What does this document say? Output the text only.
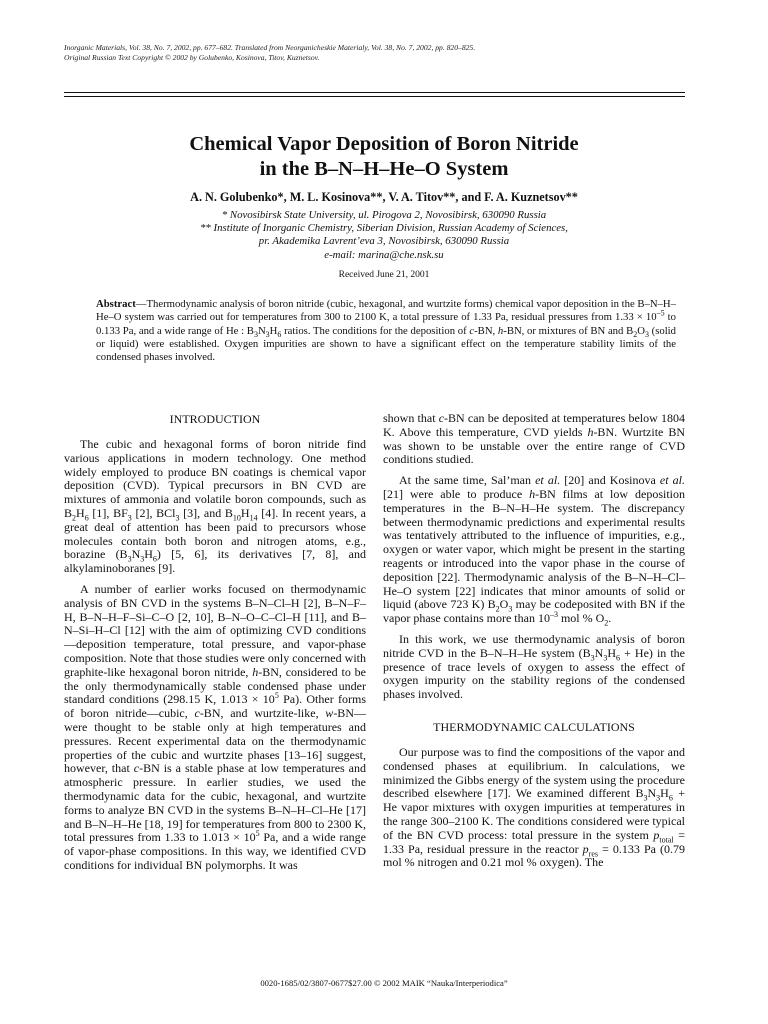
Inorganic Materials, Vol. 38, No. 7, 2002, pp. 677–682. Translated from Neorganicheskie Materialy, Vol. 38, No. 7, 2002, pp. 820–825.
Original Russian Text Copyright © 2002 by Golubenko, Kosinova, Titov, Kuznetsov.
Chemical Vapor Deposition of Boron Nitride
in the B–N–H–He–O System
A. N. Golubenko*, M. L. Kosinova**, V. A. Titov**, and F. A. Kuznetsov**
* Novosibirsk State University, ul. Pirogova 2, Novosibirsk, 630090 Russia
** Institute of Inorganic Chemistry, Siberian Division, Russian Academy of Sciences,
pr. Akademika Lavrent’eva 3, Novosibirsk, 630090 Russia
e-mail: marina@che.nsk.su
Received June 21, 2001
Abstract—Thermodynamic analysis of boron nitride (cubic, hexagonal, and wurtzite forms) chemical vapor deposition in the B–N–H–He–O system was carried out for temperatures from 300 to 2100 K, a total pressure of 1.33 Pa, residual pressures from $1.33 \times 10^{-5}$ to 0.133 Pa, and a wide range of He : $B_3N_3H_6$ ratios. The conditions for the deposition of c-BN, h-BN, or mixtures of BN and $B_2O_3$ (solid or liquid) were established. Oxygen impurities are shown to have a significant effect on the temperature stability limits of the condensed phases involved.
INTRODUCTION

The cubic and hexagonal forms of boron nitride find various applications in modern technology. One method widely employed to produce BN coatings is chemical vapor deposition (CVD). Typical precursors in BN CVD are mixtures of ammonia and volatile boron compounds, such as $B_2H_6$ [1], $BF_3$ [2], BCl$_3$ [3], and $B_{10}H_{14}$ [4]. In recent years, a great deal of attention has been paid to precursors whose molecules contain both boron and nitrogen atoms, e.g., borazine $(B_3N_3H_6)$ [5, 6], its derivatives [7, 8], and alkylaminoboranes [9].

A number of earlier works focused on thermodynamic analysis of BN CVD in the systems B–N–Cl–H [2], B–N–F–H, B–N–H–F–Si–C–O [2, 10], B–N–O–C–Cl–H [11], and B–N–Si–H–Cl [12] with the aim of optimizing CVD conditions—deposition temperature, total pressure, and vapor-phase composition. Note that those studies were only concerned with graphite-like hexagonal boron nitride, h-BN, considered to be the only thermodynamically stable condensed phase under standard conditions (298.15 K, $1.013 \times 10^5$ Pa). Other forms of boron nitride—cubic, c-BN, and wurtzite-like, w-BN—were thought to be stable only at high temperatures and pressures. Recent experimental data on the thermodynamic properties of the cubic and wurtzite phases [13–16] suggest, however, that c-BN is a stable phase at low temperatures and atmospheric pressure. In earlier studies, we used the thermodynamic data for the cubic, hexagonal, and wurtzite forms to analyze BN CVD in the systems B–N–H–Cl–He [17] and B–N–H–He [18, 19] for temperatures from 800 to 2300 K, total pressures from 1.33 to $1.013 \times 10^5$ Pa, and a wide range of vapor-phase compositions. In this way, we identified CVD conditions for individual BN polymorphs. It was

shown that c-BN can be deposited at temperatures below 1804 K. Above this temperature, CVD yields h-BN. Wurtzite BN was shown to be unstable over the entire range of CVD conditions studied.

At the same time, Sal’man et al. [20] and Kosinova et al. [21] were able to produce h-BN films at low deposition temperatures in the B–N–H–He system. The discrepancy between thermodynamic predictions and experimental results was tentatively attributed to the influence of impurities, e.g., oxygen or water vapor, which might be present in the starting reagents or introduced into the vapor phase in the course of deposition [22]. Thermodynamic analysis of the B–N–H–Cl–He–O system [22] indicates that minor amounts of solid or liquid (above 723 K) $B_2O_3$ may be codeposited with BN if the vapor phase contains more than $10^{-3}$ mol % $O_2$.

In this work, we use thermodynamic analysis of boron nitride CVD in the B–N–H–He system $(B_3N_3H_6 + He)$ in the presence of trace levels of oxygen to assess the effect of oxygen impurity on the stability regions of the condensed phases involved.

THERMODYNAMIC CALCULATIONS

Our purpose was to find the compositions of the vapor and condensed phases at equilibrium. In calculations, we minimized the Gibbs energy of the system using the procedure described elsewhere [17]. We examined different $B_3N_3H_6 + He$ vapor mixtures with oxygen impurities at temperatures in the range 300–2100 K. The conditions considered were typical of the BN CVD process: total pressure in the system $p_{total} = 1.33$ Pa, residual pressure in the reactor $p_{res} = 0.133$ Pa (0.79 mol % nitrogen and 0.21 mol % oxygen). The

0020-1685/02/3807-0677$27.00 © 2002 MAIK “Nauka/Interperiodica”
